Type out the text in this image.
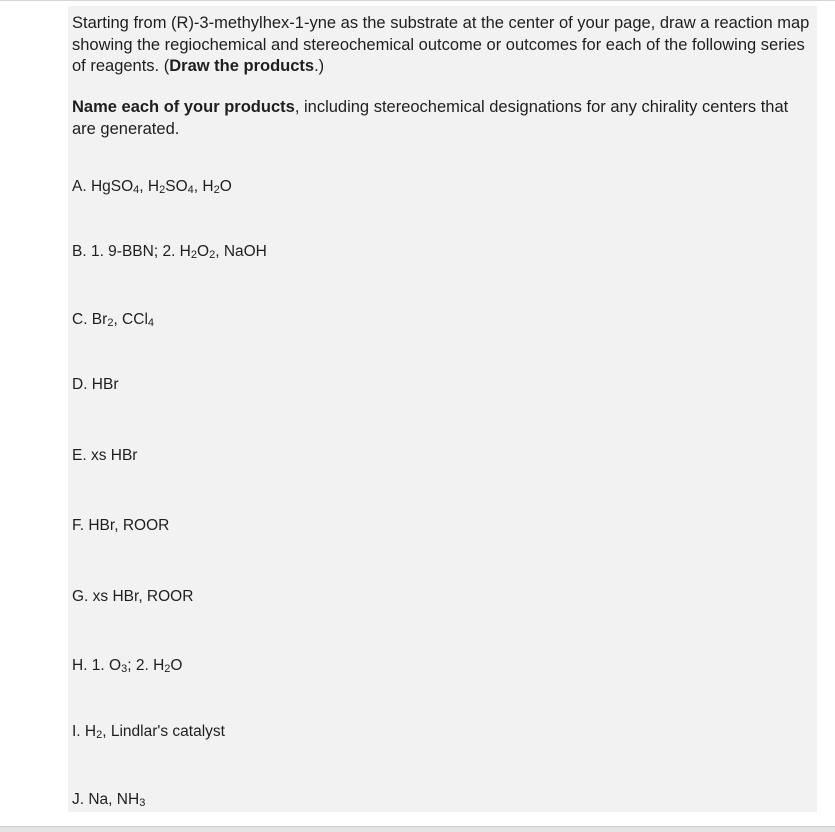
Starting from (R)-3-methylhex-1-yne as the substrate at the center of your page, draw a reaction map showing the regiochemical and stereochemical outcome or outcomes for each of the following series of reagents. (Draw the products.)

Name each of your products, including stereochemical designations for any chirality centers that are generated.

A. HgSO$_4$, $H_2SO_4$, $H_2O$
B. 1. 9-BBN; 2. $H_2O_2$, NaOH
C. $Br_2$, CCl$_4$
D. HBr
E. xs HBr
F. HBr, ROOR
G. xs HBr, ROOR
H. 1. $O_3$; 2. $H_2O$
I. $H_2$, Lindlar's catalyst
J. Na, $NH_3$
